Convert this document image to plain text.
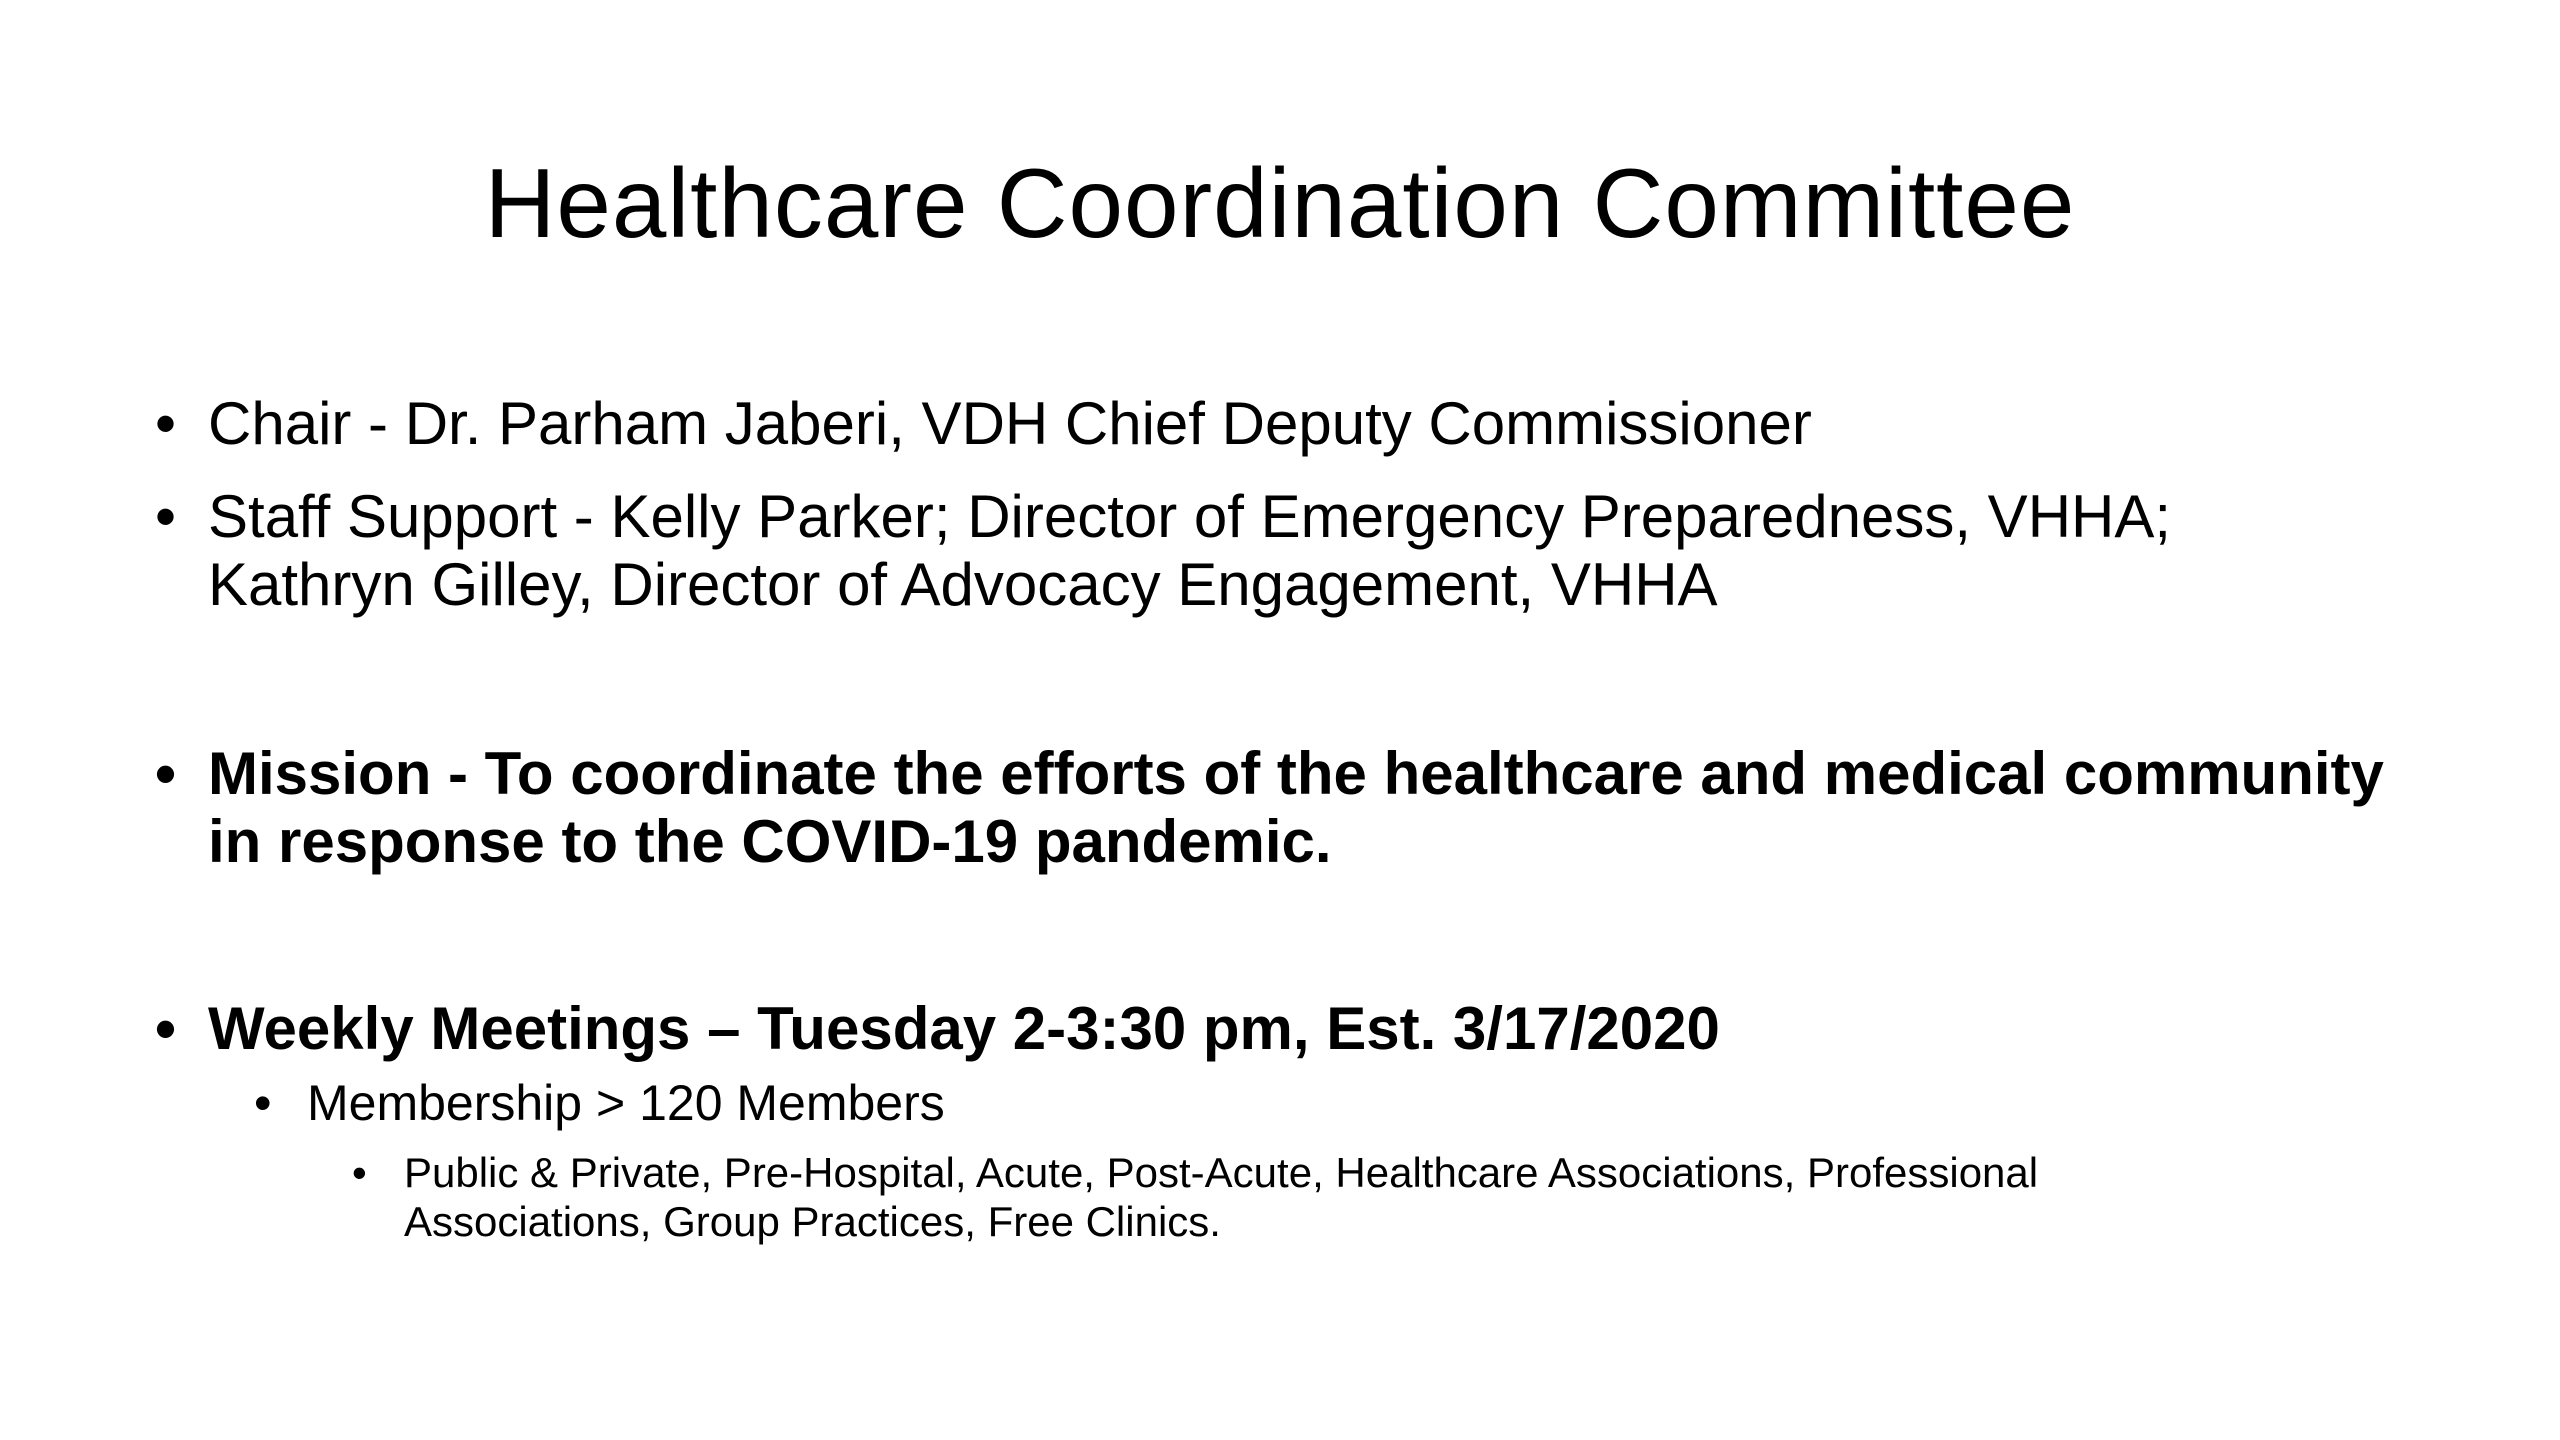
Healthcare Coordination Committee
• Chair - Dr. Parham Jaberi, VDH Chief Deputy Commissioner
• Staff Support - Kelly Parker; Director of Emergency Preparedness, VHHA;
Kathryn Gilley, Director of Advocacy Engagement, VHHA
• Mission - To coordinate the efforts of the healthcare and medical community
in response to the COVID-19 pandemic.
• Weekly Meetings – Tuesday 2-3:30 pm, Est. 3/17/2020
• Membership > 120 Members
• Public & Private, Pre-Hospital, Acute, Post-Acute, Healthcare Associations, Professional
Associations, Group Practices, Free Clinics.
